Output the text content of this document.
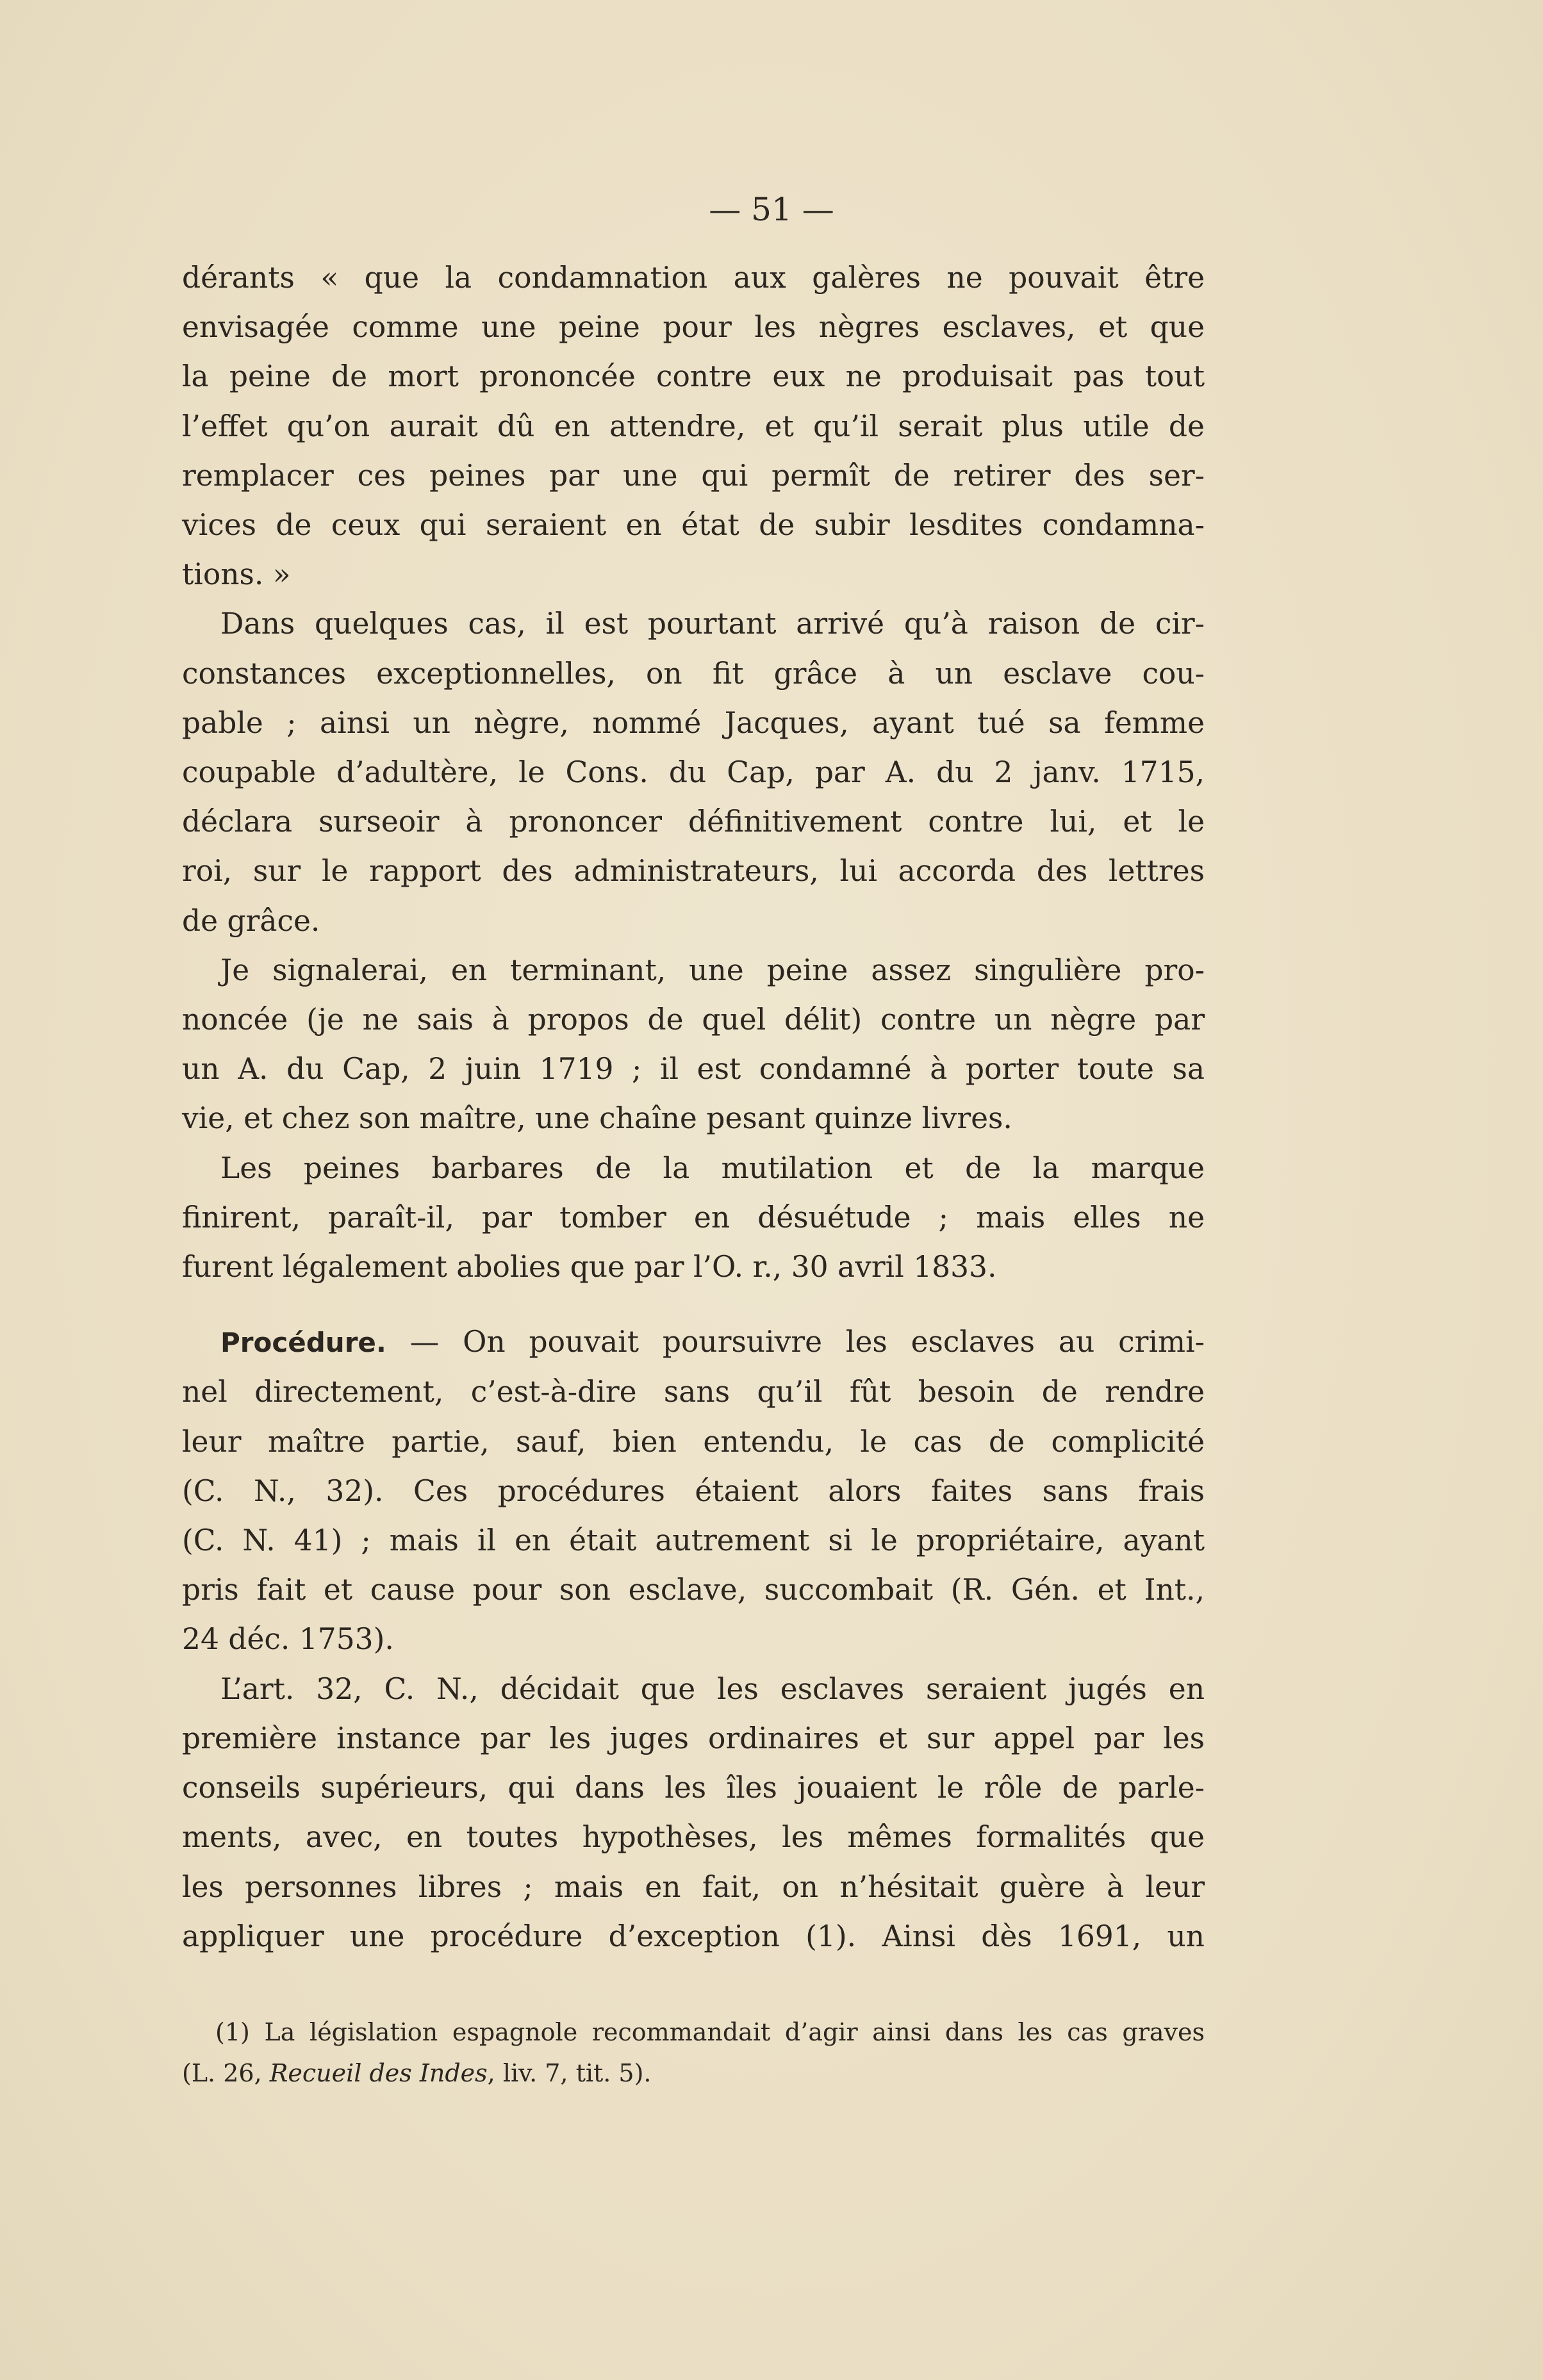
— 51 —
dérants « que la condamnation aux galères ne pouvait être
envisagée comme une peine pour les nègres esclaves, et que
la peine de mort prononcée contre eux ne produisait pas tout
l’effet qu’on aurait dû en attendre, et qu’il serait plus utile de
remplacer ces peines par une qui permît de retirer des ser-
vices de ceux qui seraient en état de subir lesdites condamna-
tions. »
Dans quelques cas, il est pourtant arrivé qu’à raison de cir-
constances exceptionnelles, on fit grâce à un esclave cou-
pable ; ainsi un nègre, nommé Jacques, ayant tué sa femme
coupable d’adultère, le Cons. du Cap, par A. du 2 janv. 1715,
déclara surseoir à prononcer définitivement contre lui, et le
roi, sur le rapport des administrateurs, lui accorda des lettres
de grâce.
Je signalerai, en terminant, une peine assez singulière pro-
noncée (je ne sais à propos de quel délit) contre un nègre par
un A. du Cap, 2 juin 1719 ; il est condamné à porter toute sa
vie, et chez son maître, une chaîne pesant quinze livres.
Les peines barbares de la mutilation et de la marque
finirent, paraît-il, par tomber en désuétude ; mais elles ne
furent légalement abolies que par l’O. r., 30 avril 1833.
Procédure. — On pouvait poursuivre les esclaves au crimi-
nel directement, c’est-à-dire sans qu’il fût besoin de rendre
leur maître partie, sauf, bien entendu, le cas de complicité
(C. N., 32). Ces procédures étaient alors faites sans frais
(C. N. 41) ; mais il en était autrement si le propriétaire, ayant
pris fait et cause pour son esclave, succombait (R. Gén. et Int.,
24 déc. 1753).
L’art. 32, C. N., décidait que les esclaves seraient jugés en
première instance par les juges ordinaires et sur appel par les
conseils supérieurs, qui dans les îles jouaient le rôle de parle-
ments, avec, en toutes hypothèses, les mêmes formalités que
les personnes libres ; mais en fait, on n’hésitait guère à leur
appliquer une procédure d’exception (1). Ainsi dès 1691, un
(1) La législation espagnole recommandait d’agir ainsi dans les cas graves
(L. 26, Recueil des Indes, liv. 7, tit. 5).
